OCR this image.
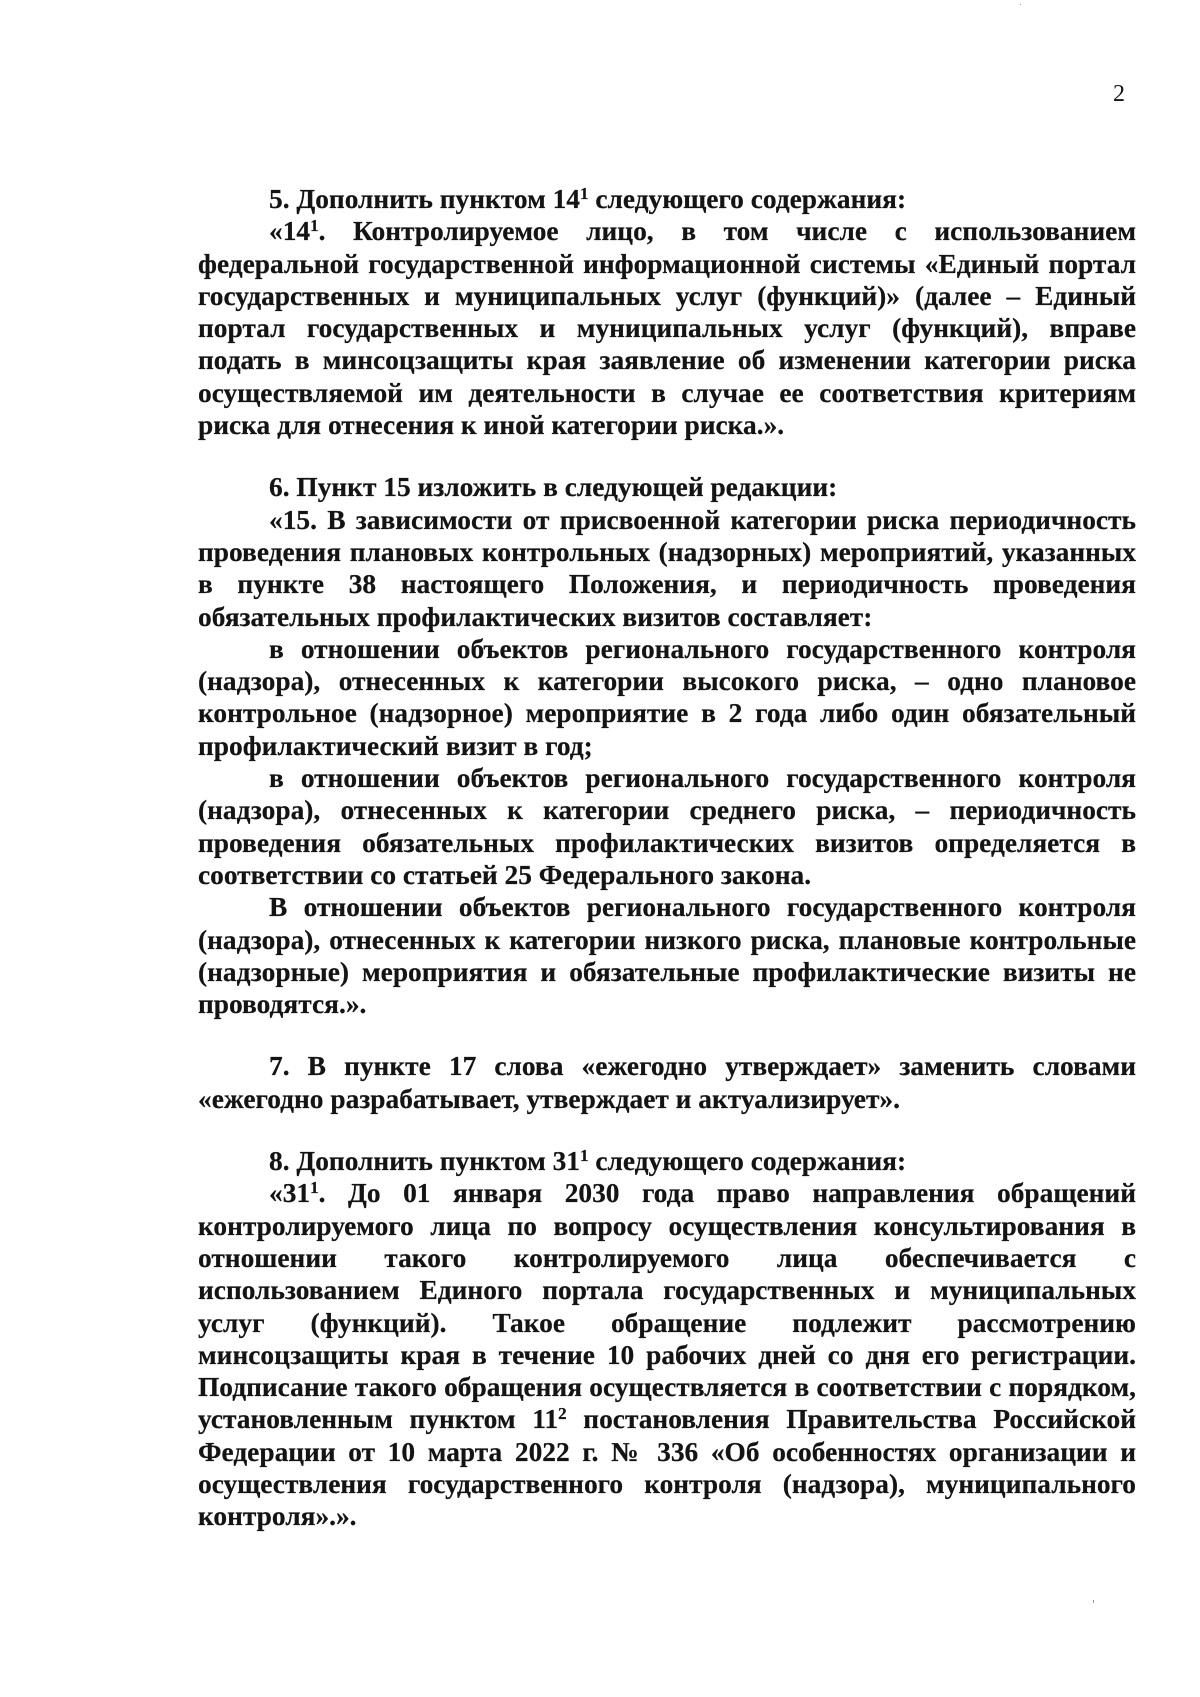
2

5. Дополнить пунктом $14^1$ следующего содержания:

«$14^1$. Контролируемое лицо, в том числе с использованием федеральной государственной информационной системы «Единый портал государственных и муниципальных услуг (функций)» (далее – Единый портал государственных и муниципальных услуг (функций), вправе подать в минсоцзащиты края заявление об изменении категории риска осуществляемой им деятельности в случае ее соответствия критериям риска для отнесения к иной категории риска.».

6. Пункт 15 изложить в следующей редакции:

«15. В зависимости от присвоенной категории риска периодичность проведения плановых контрольных (надзорных) мероприятий, указанных в пункте 38 настоящего Положения, и периодичность проведения обязательных профилактических визитов составляет:

в отношении объектов регионального государственного контроля (надзора), отнесенных к категории высокого риска, – одно плановое контрольное (надзорное) мероприятие в 2 года либо один обязательный профилактический визит в год;

в отношении объектов регионального государственного контроля (надзора), отнесенных к категории среднего риска, – периодичность проведения обязательных профилактических визитов определяется в соответствии со статьей 25 Федерального закона.

В отношении объектов регионального государственного контроля (надзора), отнесенных к категории низкого риска, плановые контрольные (надзорные) мероприятия и обязательные профилактические визиты не проводятся.».

7. В пункте 17 слова «ежегодно утверждает» заменить словами «ежегодно разрабатывает, утверждает и актуализирует».

8. Дополнить пунктом $31^1$ следующего содержания:

«$31^1$. До 01 января 2030 года право направления обращений контролируемого лица по вопросу осуществления консультирования в отношении такого контролируемого лица обеспечивается с использованием Единого портала государственных и муниципальных услуг (функций). Такое обращение подлежит рассмотрению минсоцзащиты края в течение 10 рабочих дней со дня его регистрации. Подписание такого обращения осуществляется в соответствии с порядком, установленным пунктом $11^2$ постановления Правительства Российской Федерации от 10 марта 2022 г. № 336 «Об особенностях организации и осуществления государственного контроля (надзора), муниципального контроля».».
